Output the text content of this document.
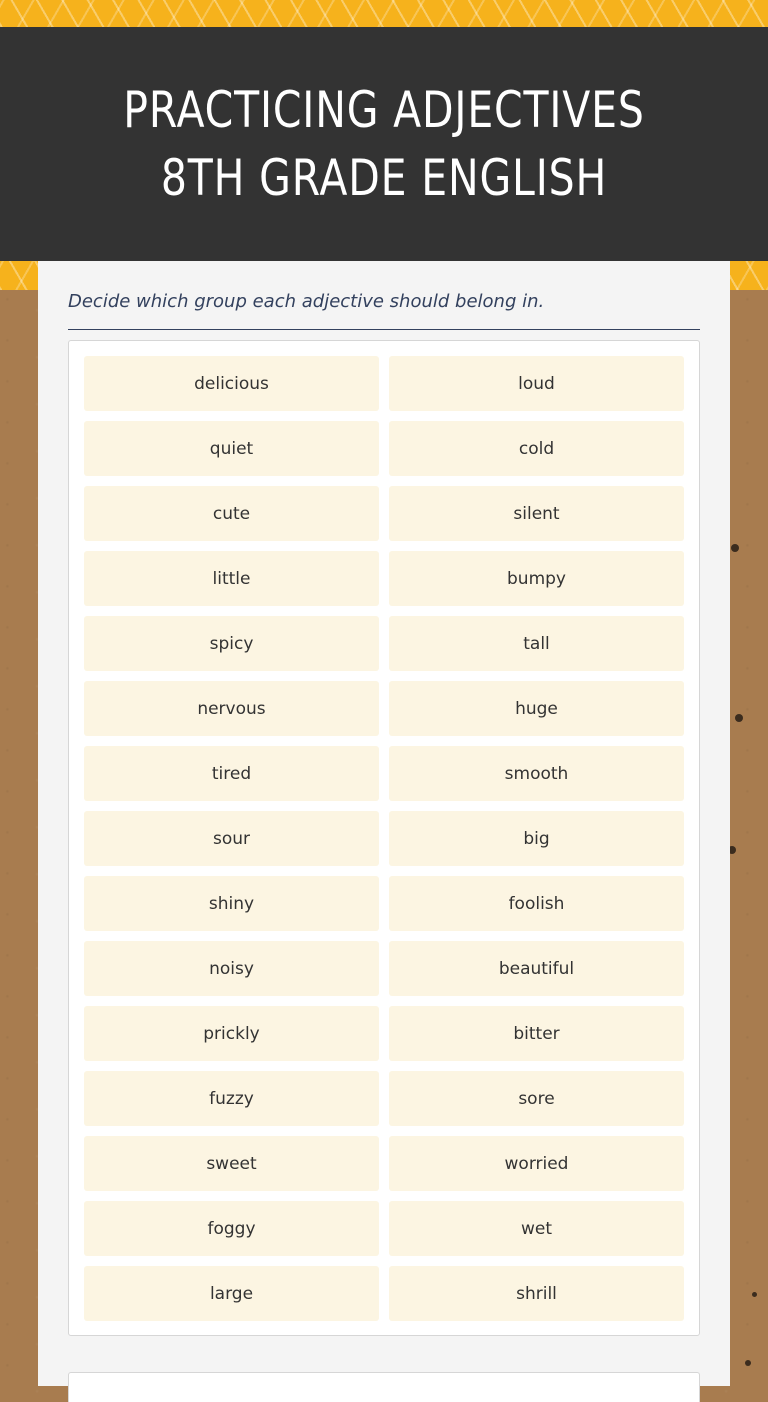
PRACTICING ADJECTIVES 8TH GRADE ENGLISH
Decide which group each adjective should belong in.
delicious	loud
quiet	cold
cute	silent
little	bumpy
spicy	tall
nervous	huge
tired	smooth
sour	big
shiny	foolish
noisy	beautiful
prickly	bitter
fuzzy	sore
sweet	worried
foggy	wet
large	shrill
